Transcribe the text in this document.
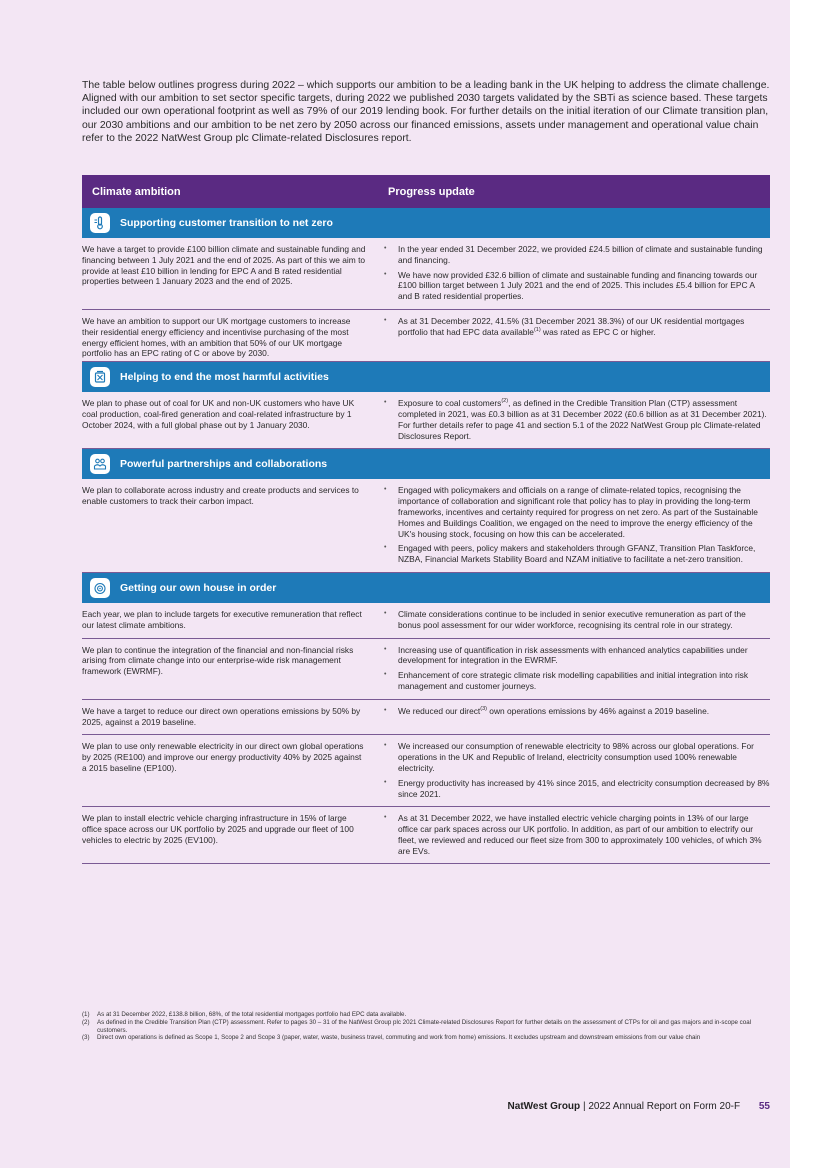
The table below outlines progress during 2022 – which supports our ambition to be a leading bank in the UK helping to address the climate challenge. Aligned with our ambition to set sector specific targets, during 2022 we published 2030 targets validated by the SBTi as science based. These targets included our own operational footprint as well as 79% of our 2019 lending book. For further details on the initial iteration of our Climate transition plan, our 2030 ambitions and our ambition to be net zero by 2050 across our financed emissions, assets under management and operational value chain refer to the 2022 NatWest Group plc Climate-related Disclosures report.

Climate ambition	Progress update
Supporting customer transition to net zero
We have a target to provide £100 billion climate and sustainable funding and financing between 1 July 2021 and the end of 2025. As part of this we aim to provide at least £10 billion in lending for EPC A and B rated residential properties between 1 January 2023 and the end of 2025.
•	In the year ended 31 December 2022, we provided £24.5 billion of climate and sustainable funding and financing.
•	We have now provided £32.6 billion of climate and sustainable funding and financing towards our £100 billion target between 1 July 2021 and the end of 2025. This includes £5.4 billion for EPC A and B rated residential properties.
We have an ambition to support our UK mortgage customers to increase their residential energy efficiency and incentivise purchasing of the most energy efficient homes, with an ambition that 50% of our UK mortgage portfolio has an EPC rating of C or above by 2030.
•	As at 31 December 2022, 41.5% (31 December 2021 38.3%) of our UK residential mortgages portfolio that had EPC data available$^{(1)}$ was rated as EPC C or higher.
Helping to end the most harmful activities
We plan to phase out of coal for UK and non-UK customers who have UK coal production, coal-fired generation and coal-related infrastructure by 1 October 2024, with a full global phase out by 1 January 2030.
•	Exposure to coal customers$^{(2)}$, as defined in the Credible Transition Plan (CTP) assessment completed in 2021, was £0.3 billion as at 31 December 2022 (£0.6 billion as at 31 December 2021). For further details refer to page 41 and section 5.1 of the 2022 NatWest Group plc Climate-related Disclosures Report.
Powerful partnerships and collaborations
We plan to collaborate across industry and create products and services to enable customers to track their carbon impact.
•	Engaged with policymakers and officials on a range of climate-related topics, recognising the importance of collaboration and significant role that policy has to play in providing the long-term frameworks, incentives and certainty required for progress on net zero. As part of the Sustainable Homes and Buildings Coalition, we engaged on the need to improve the energy efficiency of the UK's housing stock, focusing on how this can be accelerated.
•	Engaged with peers, policy makers and stakeholders through GFANZ, Transition Plan Taskforce, NZBA, Financial Markets Stability Board and NZAM initiative to facilitate a net-zero transition.
Getting our own house in order
Each year, we plan to include targets for executive remuneration that reflect our latest climate ambitions.
•	Climate considerations continue to be included in senior executive remuneration as part of the bonus pool assessment for our wider workforce, recognising its central role in our strategy.
We plan to continue the integration of the financial and non-financial risks arising from climate change into our enterprise-wide risk management framework (EWRMF).
•	Increasing use of quantification in risk assessments with enhanced analytics capabilities under development for integration in the EWRMF.
•	Enhancement of core strategic climate risk modelling capabilities and initial integration into risk management and customer journeys.
We have a target to reduce our direct own operations emissions by 50% by 2025, against a 2019 baseline.
•	We reduced our direct$^{(3)}$ own operations emissions by 46% against a 2019 baseline.
We plan to use only renewable electricity in our direct own global operations by 2025 (RE100) and improve our energy productivity 40% by 2025 against a 2015 baseline (EP100).
•	We increased our consumption of renewable electricity to 98% across our global operations. For operations in the UK and Republic of Ireland, electricity consumption used 100% renewable electricity.
•	Energy productivity has increased by 41% since 2015, and electricity consumption decreased by 8% since 2021.
We plan to install electric vehicle charging infrastructure in 15% of large office space across our UK portfolio by 2025 and upgrade our fleet of 100 vehicles to electric by 2025 (EV100).
•	As at 31 December 2022, we have installed electric vehicle charging points in 13% of our large office car park spaces across our UK portfolio. In addition, as part of our ambition to electrify our fleet, we reviewed and reduced our fleet size from 300 to approximately 100 vehicles, of which 3% are EVs.
(1)	As at 31 December 2022, £138.8 billion, 68%, of the total residential mortgages portfolio had EPC data available.
(2)	As defined in the Credible Transition Plan (CTP) assessment. Refer to pages 30 – 31 of the NatWest Group plc 2021 Climate-related Disclosures Report for further details on the assessment of CTPs for oil and gas majors and in-scope coal customers.
(3)	Direct own operations is defined as Scope 1, Scope 2 and Scope 3 (paper, water, waste, business travel, commuting and work from home) emissions. It excludes upstream and downstream emissions from our value chain
NatWest Group | 2022 Annual Report on Form 20-F 55
